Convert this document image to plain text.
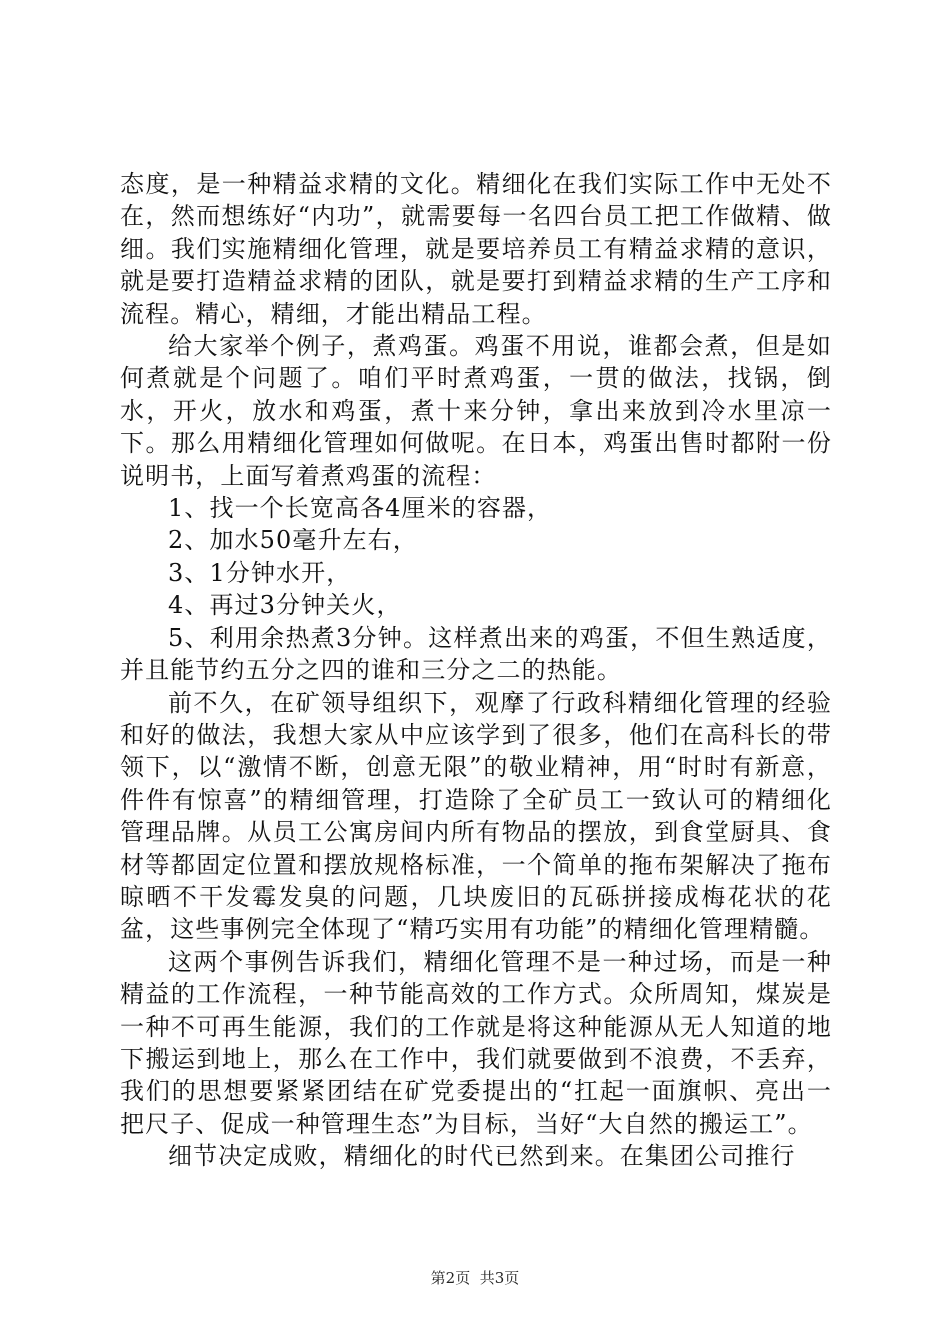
态度，是一种精益求精的文化。精细化在我们实际工作中无处不在，然而想练好“内功”，就需要每一名四台员工把工作做精、做细。我们实施精细化管理，就是要培养员工有精益求精的意识，就是要打造精益求精的团队，就是要打到精益求精的生产工序和流程。精心，精细，才能出精品工程。

给大家举个例子，煮鸡蛋。鸡蛋不用说，谁都会煮，但是如何煮就是个问题了。咱们平时煮鸡蛋，一贯的做法，找锅，倒水，开火，放水和鸡蛋，煮十来分钟，拿出来放到冷水里凉一下。那么用精细化管理如何做呢。在日本，鸡蛋出售时都附一份说明书，上面写着煮鸡蛋的流程：

1、找一个长宽高各4厘米的容器，

2、加水50毫升左右，

3、1分钟水开，

4、再过3分钟关火，

5、利用余热煮3分钟。这样煮出来的鸡蛋，不但生熟适度，并且能节约五分之四的谁和三分之二的热能。

前不久，在矿领导组织下，观摩了行政科精细化管理的经验和好的做法，我想大家从中应该学到了很多，他们在高科长的带领下，以“激情不断，创意无限”的敬业精神，用“时时有新意，件件有惊喜”的精细管理，打造除了全矿员工一致认可的精细化管理品牌。从员工公寓房间内所有物品的摆放，到食堂厨具、食材等都固定位置和摆放规格标准，一个简单的拖布架解决了拖布晾晒不干发霉发臭的问题，几块废旧的瓦砾拼接成梅花状的花盆，这些事例完全体现了“精巧实用有功能”的精细化管理精髓。

这两个事例告诉我们，精细化管理不是一种过场，而是一种精益的工作流程，一种节能高效的工作方式。众所周知，煤炭是一种不可再生能源，我们的工作就是将这种能源从无人知道的地下搬运到地上，那么在工作中，我们就要做到不浪费，不丢弃，我们的思想要紧紧团结在矿党委提出的“扛起一面旗帜、亮出一把尺子、促成一种管理生态”为目标，当好“大自然的搬运工”。

细节决定成败，精细化的时代已然到来。在集团公司推行

第2页 共3页
